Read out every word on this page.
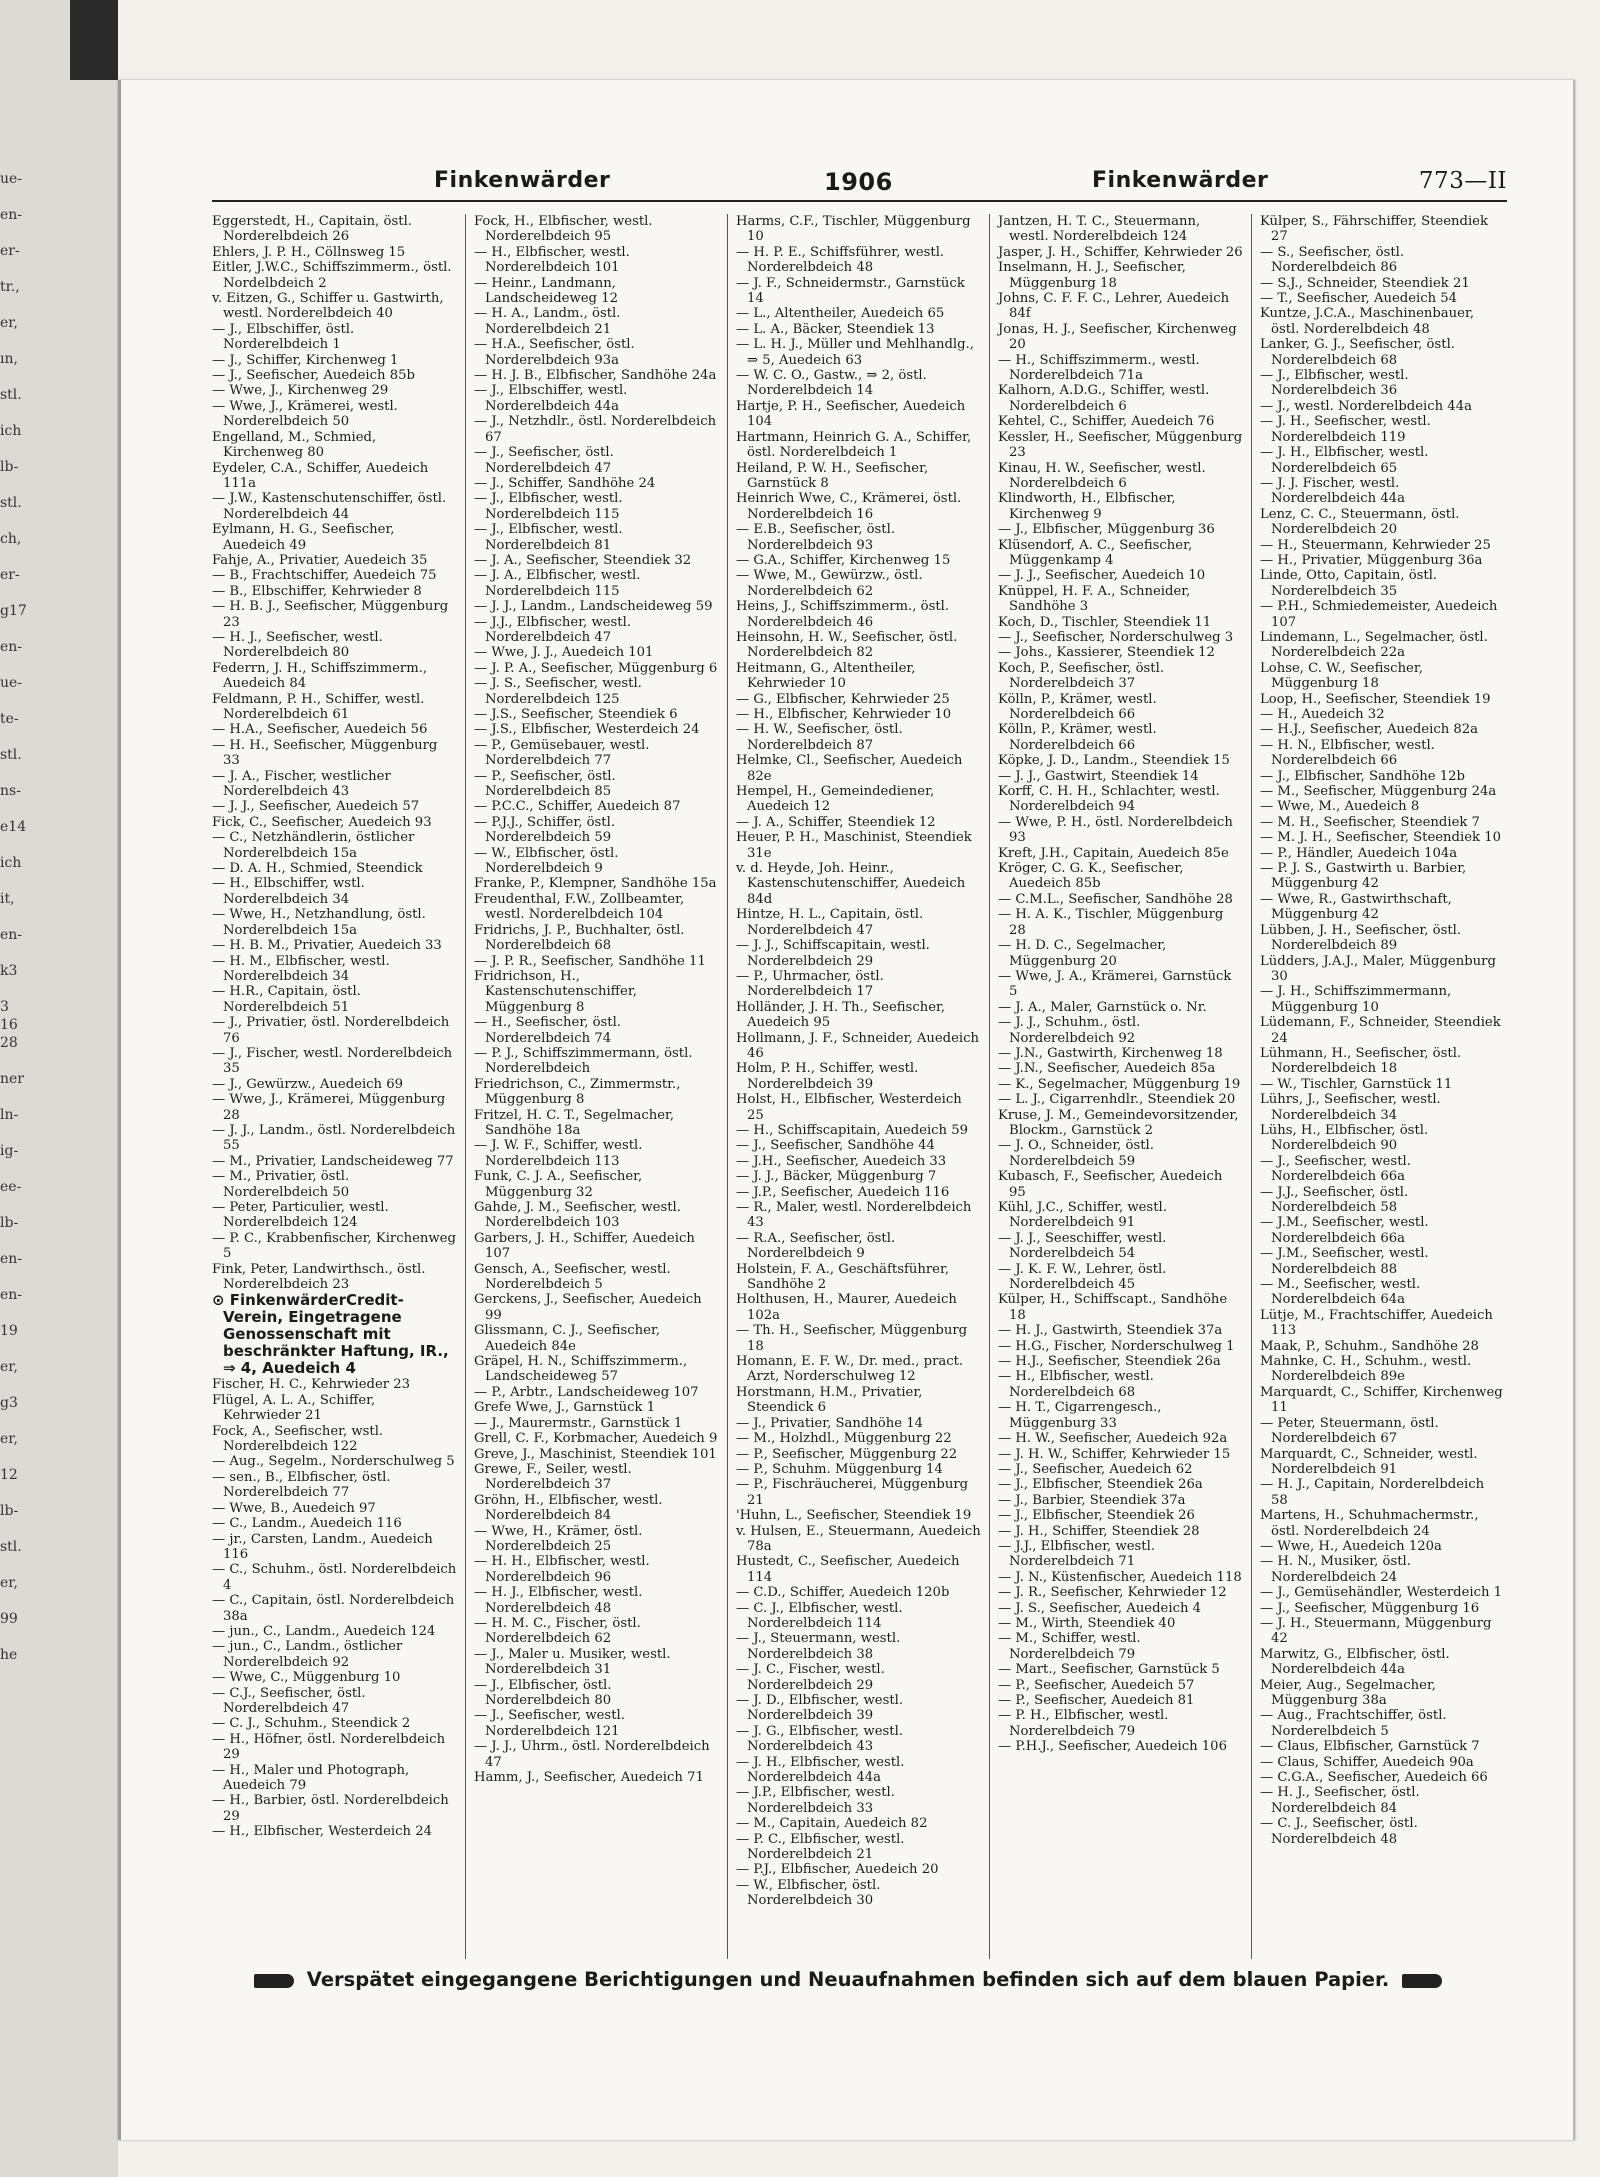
ue-
en-
er-
tr.,
er,
ın,
stl.
ich
lb-
stl.
ch,
er-
g17
en-
ue-
te-
stl.
ns-
e14
ich
it,
en-
k3
3 16
28
ner
ln-
ig-
ee-
lb-
en-
en-
19
er,
g3
er,
12
lb-
stl.
er,
99
he
Finkenwärder	1906	Finkenwärder	773—II

Eggerstedt, H., Capitain, östl. Norderelbdeich 26

Ehlers, J. P. H., Cöllnsweg 15

Eitler, J.W.C., Schiffszimmerm., östl. Nordelbdeich 2

v. Eitzen, G., Schiffer u. Gastwirth, westl. Norderelbdeich 40

— J., Elbschiffer, östl. Norderelbdeich 1

— J., Schiffer, Kirchenweg 1

— J., Seefischer, Auedeich 85b

— Wwe, J., Kirchenweg 29

— Wwe, J., Krämerei, westl. Norderelbdeich 50

Engelland, M., Schmied, Kirchenweg 80

Eydeler, C.A., Schiffer, Auedeich 111a

— J.W., Kastenschutenschiffer, östl. Norderelbdeich 44

Eylmann, H. G., Seefischer, Auedeich 49

Fahje, A., Privatier, Auedeich 35

— B., Frachtschiffer, Auedeich 75

— B., Elbschiffer, Kehrwieder 8

— H. B. J., Seefischer, Müggenburg 23

— H. J., Seefischer, westl. Norderelbdeich 80

Federrn, J. H., Schiffszimmerm., Auedeich 84

Feldmann, P. H., Schiffer, westl. Norderelbdeich 61

— H.A., Seefischer, Auedeich 56

— H. H., Seefischer, Müggenburg 33

— J. A., Fischer, westlicher Norderelbdeich 43

— J. J., Seefischer, Auedeich 57

Fick, C., Seefischer, Auedeich 93

— C., Netzhändlerin, östlicher Norderelbdeich 15a

— D. A. H., Schmied, Steendick

— H., Elbschiffer, wstl. Norderelbdeich 34

— Wwe, H., Netzhandlung, östl. Norderelbdeich 15a

— H. B. M., Privatier, Auedeich 33

— H. M., Elbfischer, westl. Norderelbdeich 34

— H.R., Capitain, östl. Norderelbdeich 51

— J., Privatier, östl. Norderelbdeich 76

— J., Fischer, westl. Norderelbdeich 35

— J., Gewürzw., Auedeich 69

— Wwe, J., Krämerei, Müggenburg 28

— J. J., Landm., östl. Norderelbdeich 55

— M., Privatier, Landscheideweg 77

— M., Privatier, östl. Norderelbdeich 50

— Peter, Particulier, westl. Norderelbdeich 124

— P. C., Krabbenfischer, Kirchenweg 5

Fink, Peter, Landwirthsch., östl. Norderelbdeich 23

⊙ FinkenwärderCredit-Verein, Eingetragene Genossenschaft mit beschränkter Haftung, IR., ⇒ 4, Auedeich 4

Fischer, H. C., Kehrwieder 23

Flügel, A. L. A., Schiffer, Kehrwieder 21

Fock, A., Seefischer, wstl. Norderelbdeich 122

— Aug., Segelm., Norderschulweg 5

— sen., B., Elbfischer, östl. Norderelbdeich 77

— Wwe, B., Auedeich 97

— C., Landm., Auedeich 116

— jr., Carsten, Landm., Auedeich 116

— C., Schuhm., östl. Norderelbdeich 4

— C., Capitain, östl. Norderelbdeich 38a

— jun., C., Landm., Auedeich 124

— jun., C., Landm., östlicher Norderelbdeich 92

— Wwe, C., Müggenburg 10

— C.J., Seefischer, östl. Norderelbdeich 47

— C. J., Schuhm., Steendick 2

— H., Höfner, östl. Norderelbdeich 29

— H., Maler und Photograph, Auedeich 79

— H., Barbier, östl. Norderelbdeich 29

— H., Elbfischer, Westerdeich 24

Fock, H., Elbfischer, westl. Norderelbdeich 95

— H., Elbfischer, westl. Norderelbdeich 101

— Heinr., Landmann, Landscheideweg 12

— H. A., Landm., östl. Norderelbdeich 21

— H.A., Seefischer, östl. Norderelbdeich 93a

— H. J. B., Elbfischer, Sandhöhe 24a

— J., Elbschiffer, westl. Norderelbdeich 44a

— J., Netzhdlr., östl. Norderelbdeich 67

— J., Seefischer, östl. Norderelbdeich 47

— J., Schiffer, Sandhöhe 24

— J., Elbfischer, westl. Norderelbdeich 115

— J., Elbfischer, westl. Norderelbdeich 81

— J. A., Seefischer, Steendiek 32

— J. A., Elbfischer, westl. Norderelbdeich 115

— J. J., Landm., Landscheideweg 59

— J.J., Elbfischer, westl. Norderelbdeich 47

— Wwe, J. J., Auedeich 101

— J. P. A., Seefischer, Müggenburg 6

— J. S., Seefischer, westl. Norderelbdeich 125

— J.S., Seefischer, Steendiek 6

— J.S., Elbfischer, Westerdeich 24

— P., Gemüsebauer, westl. Norderelbdeich 77

— P., Seefischer, östl. Norderelbdeich 85

— P.C.C., Schiffer, Auedeich 87

— P.J.J., Schiffer, östl. Norderelbdeich 59

— W., Elbfischer, östl. Norderelbdeich 9

Franke, P., Klempner, Sandhöhe 15a

Freudenthal, F.W., Zollbeamter, westl. Norderelbdeich 104

Fridrichs, J. P., Buchhalter, östl. Norderelbdeich 68

— J. P. R., Seefischer, Sandhöhe 11

Fridrichson, H., Kastenschutenschiffer, Müggenburg 8

— H., Seefischer, östl. Norderelbdeich 74

— P. J., Schiffszimmermann, östl. Norderelbdeich

Friedrichson, C., Zimmermstr., Müggenburg 8

Fritzel, H. C. T., Segelmacher, Sandhöhe 18a

— J. W. F., Schiffer, westl. Norderelbdeich 113

Funk, C. J. A., Seefischer, Müggenburg 32

Gahde, J. M., Seefischer, westl. Norderelbdeich 103

Garbers, J. H., Schiffer, Auedeich 107

Gensch, A., Seefischer, westl. Norderelbdeich 5

Gerckens, J., Seefischer, Auedeich 99

Glissmann, C. J., Seefischer, Auedeich 84e

Gräpel, H. N., Schiffszimmerm., Landscheideweg 57

— P., Arbtr., Landscheideweg 107

Grefe Wwe, J., Garnstück 1

— J., Maurermstr., Garnstück 1

Grell, C. F., Korbmacher, Auedeich 9

Greve, J., Maschinist, Steendiek 101

Grewe, F., Seiler, westl. Norderelbdeich 37

Gröhn, H., Elbfischer, westl. Norderelbdeich 84

— Wwe, H., Krämer, östl. Norderelbdeich 25

— H. H., Elbfischer, westl. Norderelbdeich 96

— H. J., Elbfischer, westl. Norderelbdeich 48

— H. M. C., Fischer, östl. Norderelbdeich 62

— J., Maler u. Musiker, westl. Norderelbdeich 31

— J., Elbfischer, östl. Norderelbdeich 80

— J., Seefischer, westl. Norderelbdeich 121

— J. J., Uhrm., östl. Norderelbdeich 47

Hamm, J., Seefischer, Auedeich 71

Harms, C.F., Tischler, Müggenburg 10

— H. P. E., Schiffsführer, westl. Norderelbdeich 48

— J. F., Schneidermstr., Garnstück 14

— L., Altentheiler, Auedeich 65

— L. A., Bäcker, Steendiek 13

— L. H. J., Müller und Mehlhandlg., ⇒ 5, Auedeich 63

— W. C. O., Gastw., ⇒ 2, östl. Norderelbdeich 14

Hartje, P. H., Seefischer, Auedeich 104

Hartmann, Heinrich G. A., Schiffer, östl. Norderelbdeich 1

Heiland, P. W. H., Seefischer, Garnstück 8

Heinrich Wwe, C., Krämerei, östl. Norderelbdeich 16

— E.B., Seefischer, östl. Norderelbdeich 93

— G.A., Schiffer, Kirchenweg 15

— Wwe, M., Gewürzw., östl. Norderelbdeich 62

Heins, J., Schiffszimmerm., östl. Norderelbdeich 46

Heinsohn, H. W., Seefischer, östl. Norderelbdeich 82

Heitmann, G., Altentheiler, Kehrwieder 10

— G., Elbfischer, Kehrwieder 25

— H., Elbfischer, Kehrwieder 10

— H. W., Seefischer, östl. Norderelbdeich 87

Helmke, Cl., Seefischer, Auedeich 82e

Hempel, H., Gemeindediener, Auedeich 12

— J. A., Schiffer, Steendiek 12

Heuer, P. H., Maschinist, Steendiek 31e

v. d. Heyde, Joh. Heinr., Kastenschutenschiffer, Auedeich 84d

Hintze, H. L., Capitain, östl. Norderelbdeich 47

— J. J., Schiffscapitain, westl. Norderelbdeich 29

— P., Uhrmacher, östl. Norderelbdeich 17

Holländer, J. H. Th., Seefischer, Auedeich 95

Hollmann, J. F., Schneider, Auedeich 46

Holm, P. H., Schiffer, westl. Norderelbdeich 39

Holst, H., Elbfischer, Westerdeich 25

— H., Schiffscapitain, Auedeich 59

— J., Seefischer, Sandhöhe 44

— J.H., Seefischer, Auedeich 33

— J. J., Bäcker, Müggenburg 7

— J.P., Seefischer, Auedeich 116

— R., Maler, westl. Norderelbdeich 43

— R.A., Seefischer, östl. Norderelbdeich 9

Holstein, F. A., Geschäftsführer, Sandhöhe 2

Holthusen, H., Maurer, Auedeich 102a

— Th. H., Seefischer, Müggenburg 18

Homann, E. F. W., Dr. med., pract. Arzt, Norderschulweg 12

Horstmann, H.M., Privatier, Steendick 6

— J., Privatier, Sandhöhe 14

— M., Holzhdl., Müggenburg 22

— P., Seefischer, Müggenburg 22

— P., Schuhm. Müggenburg 14

— P., Fischräucherei, Müggenburg 21

'Huhn, L., Seefischer, Steendiek 19

v. Hulsen, E., Steuermann, Auedeich 78a

Hustedt, C., Seefischer, Auedeich 114

— C.D., Schiffer, Auedeich 120b

— C. J., Elbfischer, westl. Norderelbdeich 114

— J., Steuermann, westl. Norderelbdeich 38

— J. C., Fischer, westl. Norderelbdeich 29

— J. D., Elbfischer, westl. Norderelbdeich 39

— J. G., Elbfischer, westl. Norderelbdeich 43

— J. H., Elbfischer, westl. Norderelbdeich 44a

— J.P., Elbfischer, westl. Norderelbdeich 33

— M., Capitain, Auedeich 82

— P. C., Elbfischer, westl. Norderelbdeich 21

— P.J., Elbfischer, Auedeich 20

— W., Elbfischer, östl. Norderelbdeich 30

Jantzen, H. T. C., Steuermann, westl. Norderelbdeich 124

Jasper, J. H., Schiffer, Kehrwieder 26

Inselmann, H. J., Seefischer, Müggenburg 18

Johns, C. F. F. C., Lehrer, Auedeich 84f

Jonas, H. J., Seefischer, Kirchenweg 20

— H., Schiffszimmerm., westl. Norderelbdeich 71a

Kalhorn, A.D.G., Schiffer, westl. Norderelbdeich 6

Kehtel, C., Schiffer, Auedeich 76

Kessler, H., Seefischer, Müggenburg 23

Kinau, H. W., Seefischer, westl. Norderelbdeich 6

Klindworth, H., Elbfischer, Kirchenweg 9

— J., Elbfischer, Müggenburg 36

Klüsendorf, A. C., Seefischer, Müggenkamp 4

— J. J., Seefischer, Auedeich 10

Knüppel, H. F. A., Schneider, Sandhöhe 3

Koch, D., Tischler, Steendiek 11

— J., Seefischer, Norderschulweg 3

— Johs., Kassierer, Steendiek 12

Koch, P., Seefischer, östl. Norderelbdeich 37

Kölln, P., Krämer, westl. Norderelbdeich 66

Kölln, P., Krämer, westl. Norderelbdeich 66

Köpke, J. D., Landm., Steendiek 15

— J. J., Gastwirt, Steendiek 14

Korff, C. H. H., Schlachter, westl. Norderelbdeich 94

— Wwe, P. H., östl. Norderelbdeich 93

Kreft, J.H., Capitain, Auedeich 85e

Kröger, C. G. K., Seefischer, Auedeich 85b

— C.M.L., Seefischer, Sandhöhe 28

— H. A. K., Tischler, Müggenburg 28

— H. D. C., Segelmacher, Müggenburg 20

— Wwe, J. A., Krämerei, Garnstück 5

— J. A., Maler, Garnstück o. Nr.

— J. J., Schuhm., östl. Norderelbdeich 92

— J.N., Gastwirth, Kirchenweg 18

— J.N., Seefischer, Auedeich 85a

— K., Segelmacher, Müggenburg 19

— L. J., Cigarrenhdlr., Steendiek 20

Kruse, J. M., Gemeindevorsitzender, Blockm., Garnstück 2

— J. O., Schneider, östl. Norderelbdeich 59

Kubasch, F., Seefischer, Auedeich 95

Kühl, J.C., Schiffer, westl. Norderelbdeich 91

— J. J., Seeschiffer, westl. Norderelbdeich 54

— J. K. F. W., Lehrer, östl. Norderelbdeich 45

Külper, H., Schiffscapt., Sandhöhe 18

— H. J., Gastwirth, Steendiek 37a

— H.G., Fischer, Norderschulweg 1

— H.J., Seefischer, Steendiek 26a

— H., Elbfischer, westl. Norderelbdeich 68

— H. T., Cigarrengesch., Müggenburg 33

— H. W., Seefischer, Auedeich 92a

— J. H. W., Schiffer, Kehrwieder 15

— J., Seefischer, Auedeich 62

— J., Elbfischer, Steendiek 26a

— J., Barbier, Steendiek 37a

— J., Elbfischer, Steendiek 26

— J. H., Schiffer, Steendiek 28

— J.J., Elbfischer, westl. Norderelbdeich 71

— J. N., Küstenfischer, Auedeich 118

— J. R., Seefischer, Kehrwieder 12

— J. S., Seefischer, Auedeich 4

— M., Wirth, Steendiek 40

— M., Schiffer, westl. Norderelbdeich 79

— Mart., Seefischer, Garnstück 5

— P., Seefischer, Auedeich 57

— P., Seefischer, Auedeich 81

— P. H., Elbfischer, westl. Norderelbdeich 79

— P.H.J., Seefischer, Auedeich 106

Külper, S., Fährschiffer, Steendiek 27

— S., Seefischer, östl. Norderelbdeich 86

— S.J., Schneider, Steendiek 21

— T., Seefischer, Auedeich 54

Kuntze, J.C.A., Maschinenbauer, östl. Norderelbdeich 48

Lanker, G. J., Seefischer, östl. Norderelbdeich 68

— J., Elbfischer, westl. Norderelbdeich 36

— J., westl. Norderelbdeich 44a

— J. H., Seefischer, westl. Norderelbdeich 119

— J. H., Elbfischer, westl. Norderelbdeich 65

— J. J. Fischer, westl. Norderelbdeich 44a

Lenz, C. C., Steuermann, östl. Norderelbdeich 20

— H., Steuermann, Kehrwieder 25

— H., Privatier, Müggenburg 36a

Linde, Otto, Capitain, östl. Norderelbdeich 35

— P.H., Schmiedemeister, Auedeich 107

Lindemann, L., Segelmacher, östl. Norderelbdeich 22a

Lohse, C. W., Seefischer, Müggenburg 18

Loop, H., Seefischer, Steendiek 19

— H., Auedeich 32

— H.J., Seefischer, Auedeich 82a

— H. N., Elbfischer, westl. Norderelbdeich 66

— J., Elbfischer, Sandhöhe 12b

— M., Seefischer, Müggenburg 24a

— Wwe, M., Auedeich 8

— M. H., Seefischer, Steendiek 7

— M. J. H., Seefischer, Steendiek 10

— P., Händler, Auedeich 104a

— P. J. S., Gastwirth u. Barbier, Müggenburg 42

— Wwe, R., Gastwirthschaft, Müggenburg 42

Lübben, J. H., Seefischer, östl. Norderelbdeich 89

Lüdders, J.A.J., Maler, Müggenburg 30

— J. H., Schiffszimmermann, Müggenburg 10

Lüdemann, F., Schneider, Steendiek 24

Lühmann, H., Seefischer, östl. Norderelbdeich 18

— W., Tischler, Garnstück 11

Lührs, J., Seefischer, westl. Norderelbdeich 34

Lühs, H., Elbfischer, östl. Norderelbdeich 90

— J., Seefischer, westl. Norderelbdeich 66a

— J.J., Seefischer, östl. Norderelbdeich 58

— J.M., Seefischer, westl. Norderelbdeich 66a

— J.M., Seefischer, westl. Norderelbdeich 88

— M., Seefischer, westl. Norderelbdeich 64a

Lütje, M., Frachtschiffer, Auedeich 113

Maak, P., Schuhm., Sandhöhe 28

Mahnke, C. H., Schuhm., westl. Norderelbdeich 89e

Marquardt, C., Schiffer, Kirchenweg 11

— Peter, Steuermann, östl. Norderelbdeich 67

Marquardt, C., Schneider, westl. Norderelbdeich 91

— H. J., Capitain, Norderelbdeich 58

Martens, H., Schuhmachermstr., östl. Norderelbdeich 24

— Wwe, H., Auedeich 120a

— H. N., Musiker, östl. Norderelbdeich 24

— J., Gemüsehändler, Westerdeich 1

— J., Seefischer, Müggenburg 16

— J. H., Steuermann, Müggenburg 42

Marwitz, G., Elbfischer, östl. Norderelbdeich 44a

Meier, Aug., Segelmacher, Müggenburg 38a

— Aug., Frachtschiffer, östl. Norderelbdeich 5

— Claus, Elbfischer, Garnstück 7

— Claus, Schiffer, Auedeich 90a

— C.G.A., Seefischer, Auedeich 66

— H. J., Seefischer, östl. Norderelbdeich 84

— C. J., Seefischer, östl. Norderelbdeich 48

Verspätet eingegangene Berichtigungen und Neuaufnahmen befinden sich auf dem blauen Papier.
